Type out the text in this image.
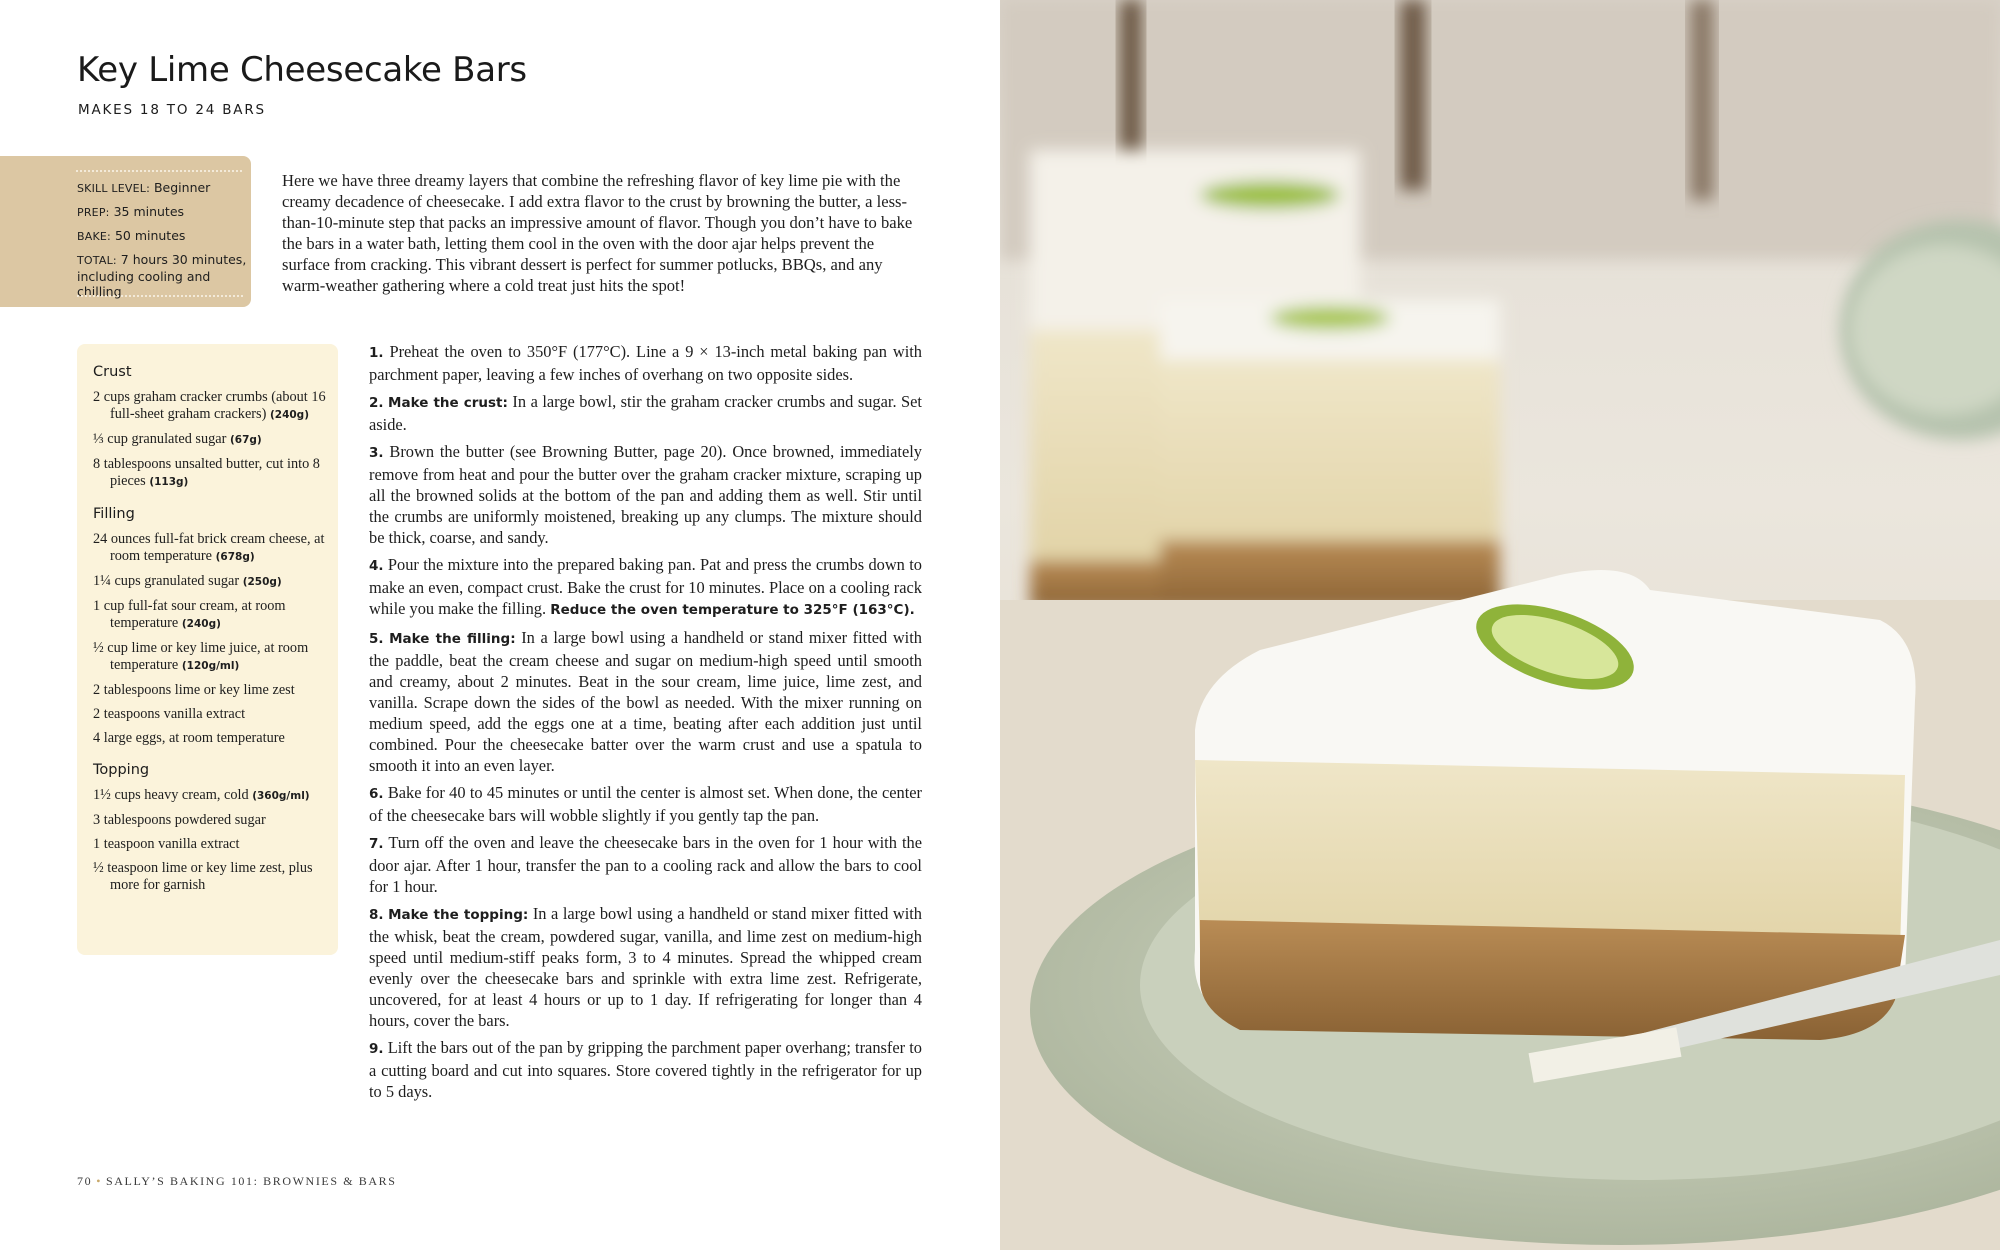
Key Lime Cheesecake Bars
MAKES 18 TO 24 BARS
SKILL LEVEL: Beginner
PREP: 35 minutes
BAKE: 50 minutes
TOTAL: 7 hours 30 minutes, including cooling and chilling

Here we have three dreamy layers that combine the refreshing flavor of key lime pie with the creamy decadence of cheesecake. I add extra flavor to the crust by browning the butter, a less-than-10-minute step that packs an impressive amount of flavor. Though you don’t have to bake the bars in a water bath, letting them cool in the oven with the door ajar helps prevent the surface from cracking. This vibrant dessert is perfect for summer potlucks, BBQs, and any warm-weather gathering where a cold treat just hits the spot!

Crust
2 cups graham cracker crumbs (about 16 full-sheet graham crackers) (240g)
⅓ cup granulated sugar (67g)
8 tablespoons unsalted butter, cut into 8 pieces (113g)
Filling
24 ounces full-fat brick cream cheese, at room temperature (678g)
1¼ cups granulated sugar (250g)
1 cup full-fat sour cream, at room temperature (240g)
½ cup lime or key lime juice, at room temperature (120g/ml)
2 tablespoons lime or key lime zest
2 teaspoons vanilla extract
4 large eggs, at room temperature
Topping
1½ cups heavy cream, cold (360g/ml)
3 tablespoons powdered sugar
1 teaspoon vanilla extract
½ teaspoon lime or key lime zest, plus more for garnish

1. Preheat the oven to 350°F (177°C). Line a 9 × 13-inch metal baking pan with parchment paper, leaving a few inches of overhang on two opposite sides.

2. Make the crust: In a large bowl, stir the graham cracker crumbs and sugar. Set aside.

3. Brown the butter (see Browning Butter, page 20). Once browned, immediately remove from heat and pour the butter over the graham cracker mixture, scraping up all the browned solids at the bottom of the pan and adding them as well. Stir until the crumbs are uniformly moistened, breaking up any clumps. The mixture should be thick, coarse, and sandy.

4. Pour the mixture into the prepared baking pan. Pat and press the crumbs down to make an even, compact crust. Bake the crust for 10 minutes. Place on a cooling rack while you make the filling. Reduce the oven temperature to 325°F (163°C).

5. Make the filling: In a large bowl using a handheld or stand mixer fitted with the paddle, beat the cream cheese and sugar on medium-high speed until smooth and creamy, about 2 minutes. Beat in the sour cream, lime juice, lime zest, and vanilla. Scrape down the sides of the bowl as needed. With the mixer running on medium speed, add the eggs one at a time, beating after each addition just until combined. Pour the cheesecake batter over the warm crust and use a spatula to smooth it into an even layer.

6. Bake for 40 to 45 minutes or until the center is almost set. When done, the center of the cheesecake bars will wobble slightly if you gently tap the pan.

7. Turn off the oven and leave the cheesecake bars in the oven for 1 hour with the door ajar. After 1 hour, transfer the pan to a cooling rack and allow the bars to cool for 1 hour.

8. Make the topping: In a large bowl using a handheld or stand mixer fitted with the whisk, beat the cream, powdered sugar, vanilla, and lime zest on medium-high speed until medium-stiff peaks form, 3 to 4 minutes. Spread the whipped cream evenly over the cheesecake bars and sprinkle with extra lime zest. Refrigerate, uncovered, for at least 4 hours or up to 1 day. If refrigerating for longer than 4 hours, cover the bars.

9. Lift the bars out of the pan by gripping the parchment paper overhang; transfer to a cutting board and cut into squares. Store covered tightly in the refrigerator for up to 5 days.

70 • SALLY’S BAKING 101: BROWNIES & BARS
